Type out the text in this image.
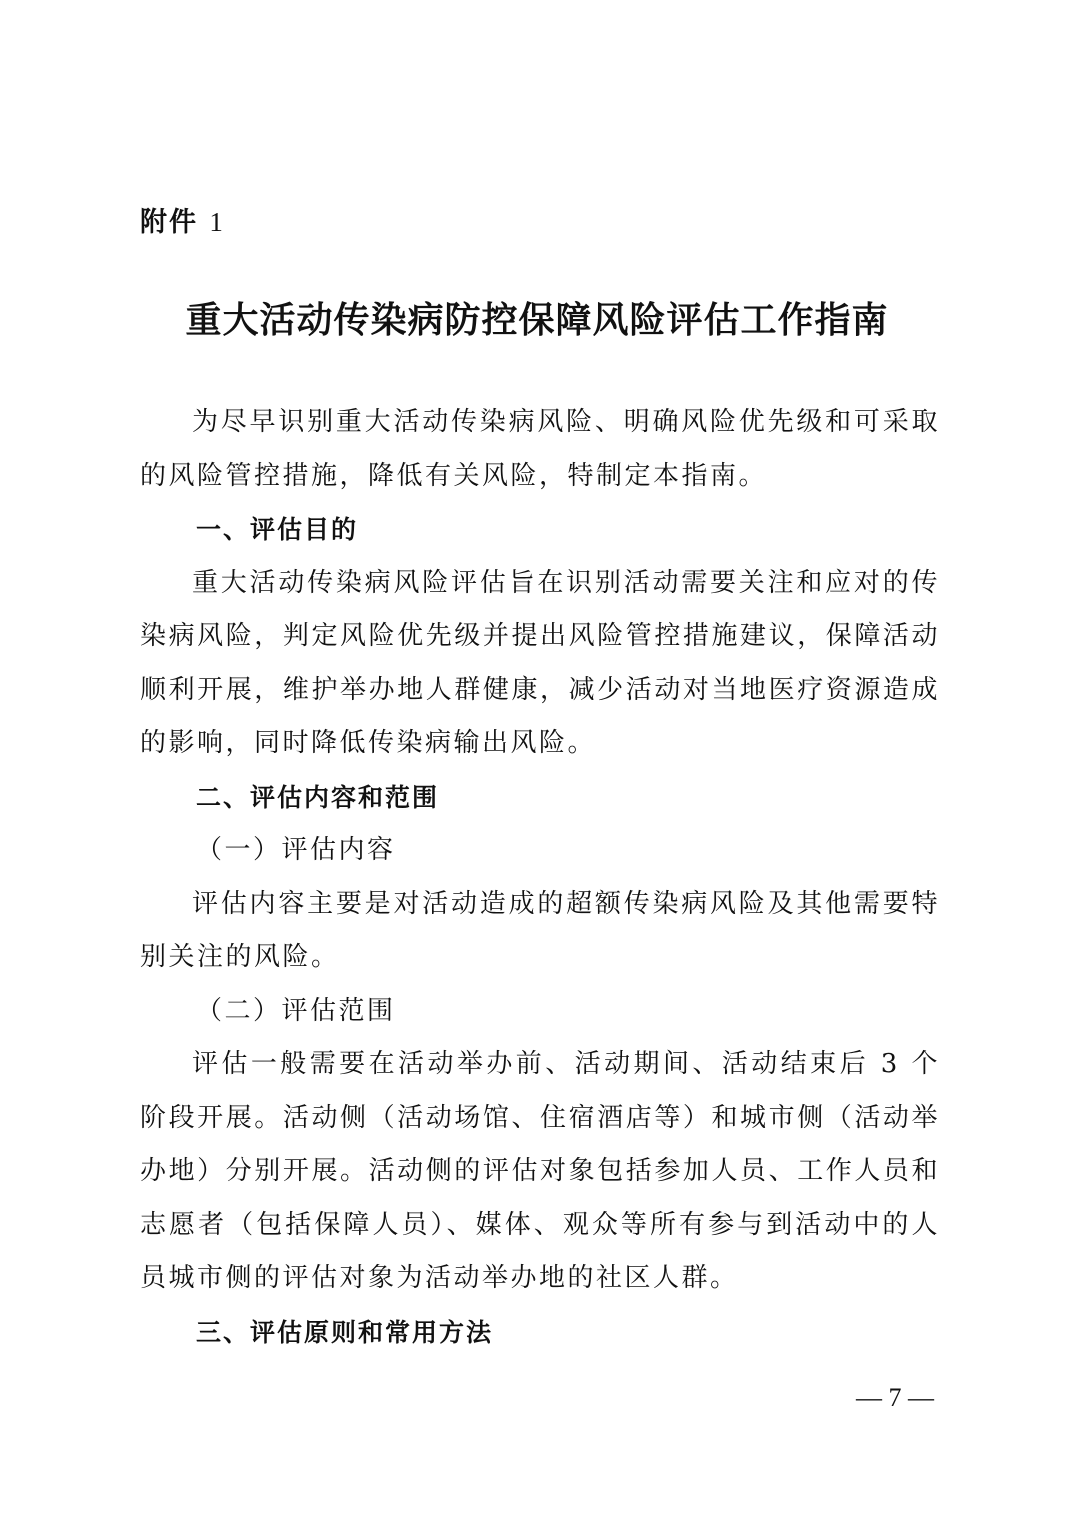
附件 1
重大活动传染病防控保障风险评估工作指南

为尽早识别重大活动传染病风险、明确风险优先级和可采取的风险管控措施，降低有关风险，特制定本指南。

一、评估目的

重大活动传染病风险评估旨在识别活动需要关注和应对的传染病风险，判定风险优先级并提出风险管控措施建议，保障活动顺利开展，维护举办地人群健康，减少活动对当地医疗资源造成的影响，同时降低传染病输出风险。

二、评估内容和范围

（一）评估内容

评估内容主要是对活动造成的超额传染病风险及其他需要特别关注的风险。

（二）评估范围

评估一般需要在活动举办前、活动期间、活动结束后 3 个阶段开展。活动侧（活动场馆、住宿酒店等）和城市侧（活动举办地）分别开展。活动侧的评估对象包括参加人员、工作人员和志愿者（包括保障人员）、媒体、观众等所有参与到活动中的人员城市侧的评估对象为活动举办地的社区人群。

三、评估原则和常用方法

— 7 —
